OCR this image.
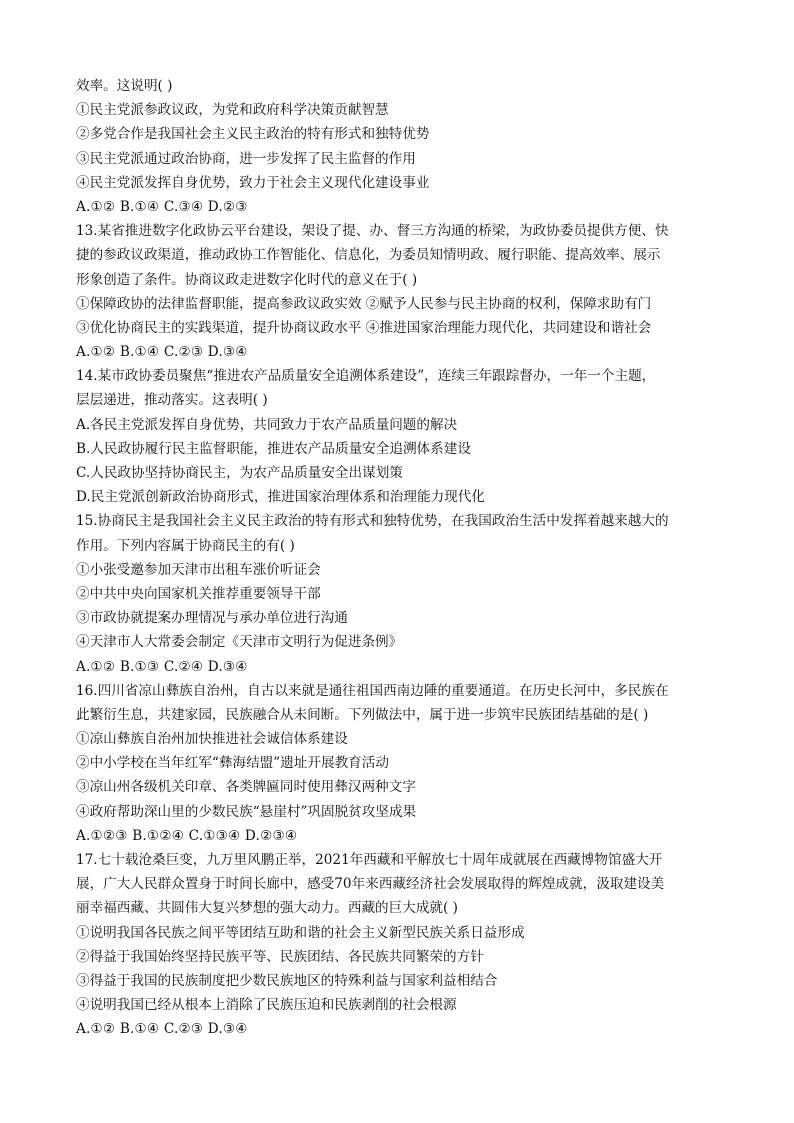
效率。这说明( )
①民主党派参政议政，为党和政府科学决策贡献智慧
②多党合作是我国社会主义民主政治的特有形式和独特优势
③民主党派通过政治协商，进一步发挥了民主监督的作用
④民主党派发挥自身优势，致力于社会主义现代化建设事业
A.①② B.①④ C.③④ D.②③
13.某省推进数字化政协云平台建设，架设了提、办、督三方沟通的桥梁，为政协委员提供方便、快
捷的参政议政渠道，推动政协工作智能化、信息化，为委员知情明政、履行职能、提高效率、展示
形象创造了条件。协商议政走进数字化时代的意义在于( )
①保障政协的法律监督职能，提高参政议政实效 ②赋予人民参与民主协商的权利，保障求助有门
③优化协商民主的实践渠道，提升协商议政水平 ④推进国家治理能力现代化，共同建设和谐社会
A.①② B.①④ C.②③ D.③④
14.某市政协委员聚焦“推进农产品质量安全追溯体系建设”，连续三年跟踪督办，一年一个主题，
层层递进，推动落实。这表明( )
A.各民主党派发挥自身优势，共同致力于农产品质量问题的解决
B.人民政协履行民主监督职能，推进农产品质量安全追溯体系建设
C.人民政协坚持协商民主，为农产品质量安全出谋划策
D.民主党派创新政治协商形式，推进国家治理体系和治理能力现代化
15.协商民主是我国社会主义民主政治的特有形式和独特优势，在我国政治生活中发挥着越来越大的
作用。下列内容属于协商民主的有( )
①小张受邀参加天津市出租车涨价听证会
②中共中央向国家机关推荐重要领导干部
③市政协就提案办理情况与承办单位进行沟通
④天津市人大常委会制定《天津市文明行为促进条例》
A.①② B.①③ C.②④ D.③④
16.四川省凉山彝族自治州，自古以来就是通往祖国西南边陲的重要通道。在历史长河中，多民族在
此繁衍生息，共建家园，民族融合从未间断。下列做法中，属于进一步筑牢民族团结基础的是( )
①凉山彝族自治州加快推进社会诚信体系建设
②中小学校在当年红军“彝海结盟”遗址开展教育活动
③凉山州各级机关印章、各类牌匾同时使用彝汉两种文字
④政府帮助深山里的少数民族“悬崖村”巩固脱贫攻坚成果
A.①②③ B.①②④ C.①③④ D.②③④
17.七十载沧桑巨变，九万里风鹏正举，2021年西藏和平解放七十周年成就展在西藏博物馆盛大开
展，广大人民群众置身于时间长廊中，感受70年来西藏经济社会发展取得的辉煌成就，汲取建设美
丽幸福西藏、共圆伟大复兴梦想的强大动力。西藏的巨大成就( )
①说明我国各民族之间平等团结互助和谐的社会主义新型民族关系日益形成
②得益于我国始终坚持民族平等、民族团结、各民族共同繁荣的方针
③得益于我国的民族制度把少数民族地区的特殊利益与国家利益相结合
④说明我国已经从根本上消除了民族压迫和民族剥削的社会根源
A.①② B.①④ C.②③ D.③④
